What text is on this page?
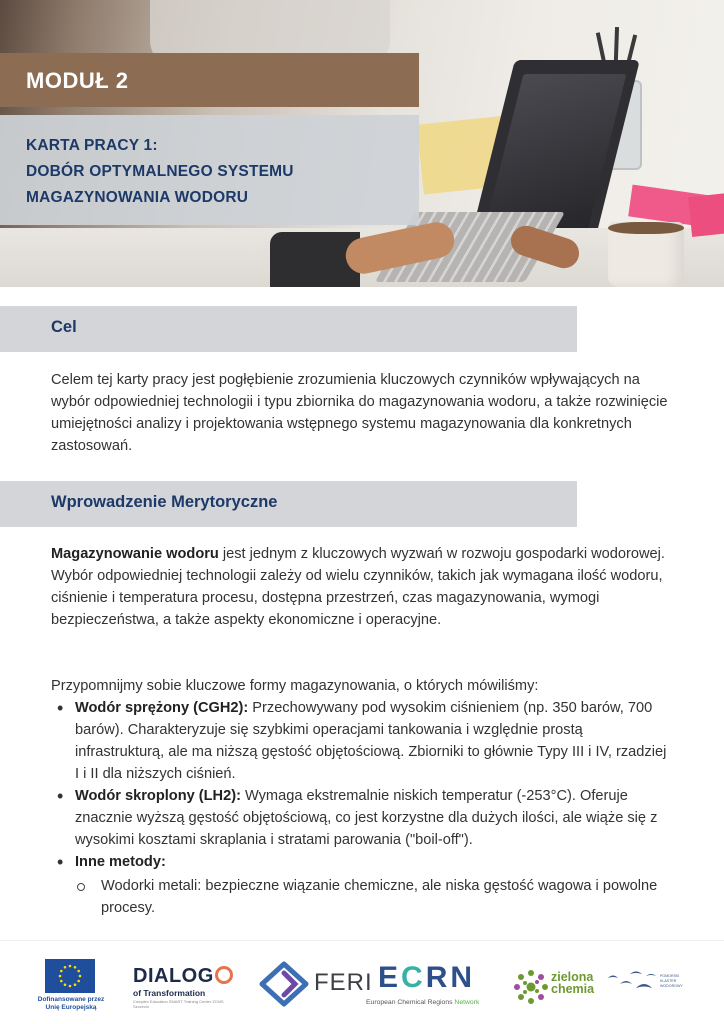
MODUŁ 2
KARTA PRACY 1:
DOBÓR OPTYMALNEGO SYSTEMU
MAGAZYNOWANIA WODORU
Cel
Celem tej karty pracy jest pogłębienie zrozumienia kluczowych czynników wpływających na wybór odpowiedniej technologii i typu zbiornika do magazynowania wodoru, a także rozwinięcie umiejętności analizy i projektowania wstępnego systemu magazynowania dla konkretnych zastosowań.
Wprowadzenie Merytoryczne
Magazynowanie wodoru jest jednym z kluczowych wyzwań w rozwoju gospodarki wodorowej. Wybór odpowiedniej technologii zależy od wielu czynników, takich jak wymagana ilość wodoru, ciśnienie i temperatura procesu, dostępna przestrzeń, czas magazynowania, wymogi bezpieczeństwa, a także aspekty ekonomiczne i operacyjne.
Przypomnijmy sobie kluczowe formy magazynowania, o których mówiliśmy:
• Wodór sprężony (CGH2): Przechowywany pod wysokim ciśnieniem (np. 350 barów, 700 barów). Charakteryzuje się szybkimi operacjami tankowania i względnie prostą infrastrukturą, ale ma niższą gęstość objętościową. Zbiorniki to głównie Typy III i IV, rzadziej I i II dla niższych ciśnień.
• Wodór skroplony (LH2): Wymaga ekstremalnie niskich temperatur (-253°C). Oferuje znacznie wyższą gęstość objętościową, co jest korzystne dla dużych ilości, ale wiąże się z wysokimi kosztami skraplania i stratami parowania ("boil-off").
• Inne metody:
Wodorki metali: bezpieczne wiązanie chemiczne, ale niska gęstość wagowa i powolne procesy.
Dofinansowane przez
Unię Europejską
DIALOG
of Transformation
Complex Education SMART Training Center ZCMS Szczecin
FERI ECRN
European Chemical Regions Network
zielona
chemia
POMORSKI
KLASTER
WODOROWY
